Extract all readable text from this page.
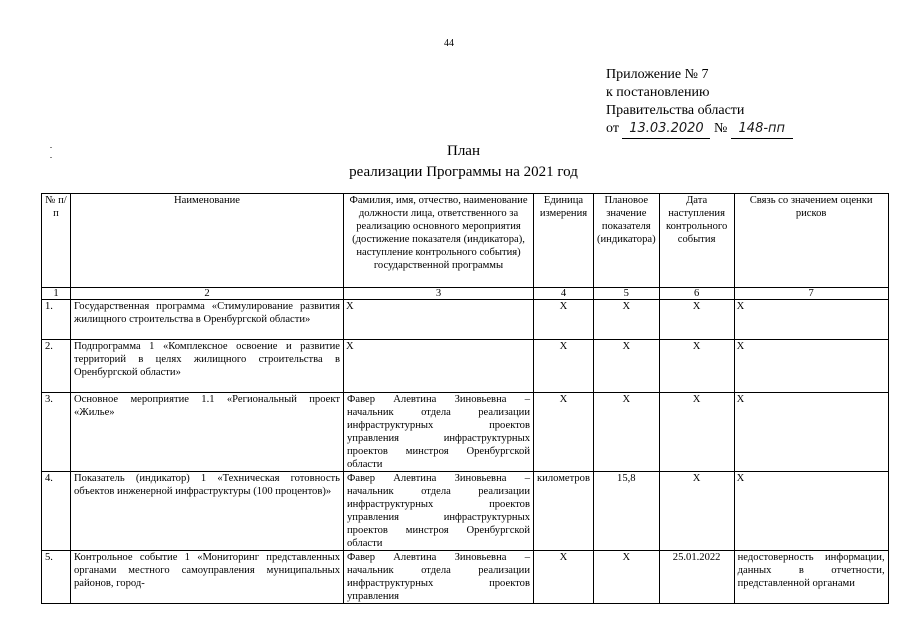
44
Приложение № 7
к постановлению
Правительства области
от 13.03.2020 № 148-пп
План
реализации Программы на 2021 год
№ п/п	Наименование	Фамилия, имя, отчество, наименование должности лица, ответственного за реализацию основного мероприятия (достижение показателя (индикатора), наступление контрольного события) государственной программы	Единица измерения	Плановое значение показателя (индикатора)	Дата наступления контрольного события	Связь со значением оценки рисков
1	2	3	4	5	6	7
1.	Государственная программа «Стимулирование развития жилищного строительства в Оренбургской области»	X	X	X	X	X
2.	Подпрограмма 1 «Комплексное освоение и развитие территорий в целях жилищного строительства в Оренбургской области»	X	X	X	X	X
3.	Основное мероприятие 1.1 «Региональный проект «Жилье»	Фавер Алевтина Зиновьевна – начальник отдела реализации инфраструктурных проектов управления инфраструктурных проектов минстроя Оренбургской области	X	X	X	X
4.	Показатель (индикатор) 1 «Техническая готовность объектов инженерной инфраструктуры (100 процентов)»	Фавер Алевтина Зиновьевна – начальник отдела реализации инфраструктурных проектов управления инфраструктурных проектов минстроя Оренбургской области	километров	15,8	X	X
5.	Контрольное событие 1 «Мониторинг представленных органами местного самоуправления муниципальных районов, город-	Фавер Алевтина Зиновьевна – начальник отдела реализации инфраструктурных проектов управления	X	X	25.01.2022	недостоверность информации, данных в отчетности, представленной органами
